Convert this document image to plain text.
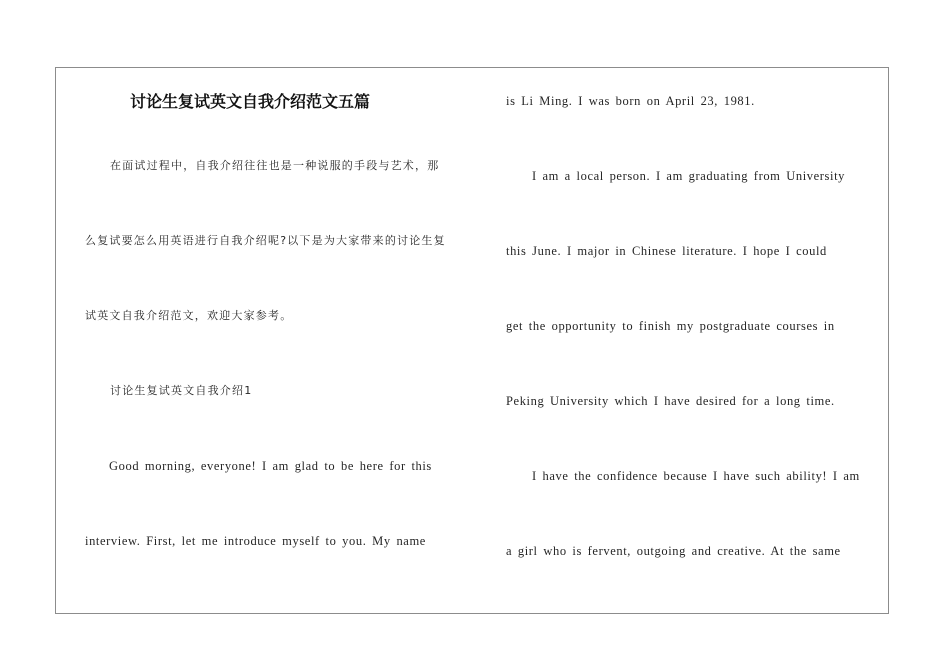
讨论生复试英文自我介绍范文五篇
在面试过程中，自我介绍往往也是一种说服的手段与艺术，那
么复试要怎么用英语进行自我介绍呢?以下是为大家带来的讨论生复
试英文自我介绍范文，欢迎大家参考。
讨论生复试英文自我介绍1
Good morning, everyone! I am glad to be here for this
interview. First, let me introduce myself to you. My name
is Li Ming. I was born on April 23, 1981.
I am a local person. I am graduating from University
this June. I major in Chinese literature. I hope I could
get the opportunity to finish my postgraduate courses in
Peking University which I have desired for a long time.
I have the confidence because I have such ability! I am
a girl who is fervent, outgoing and creative. At the same
